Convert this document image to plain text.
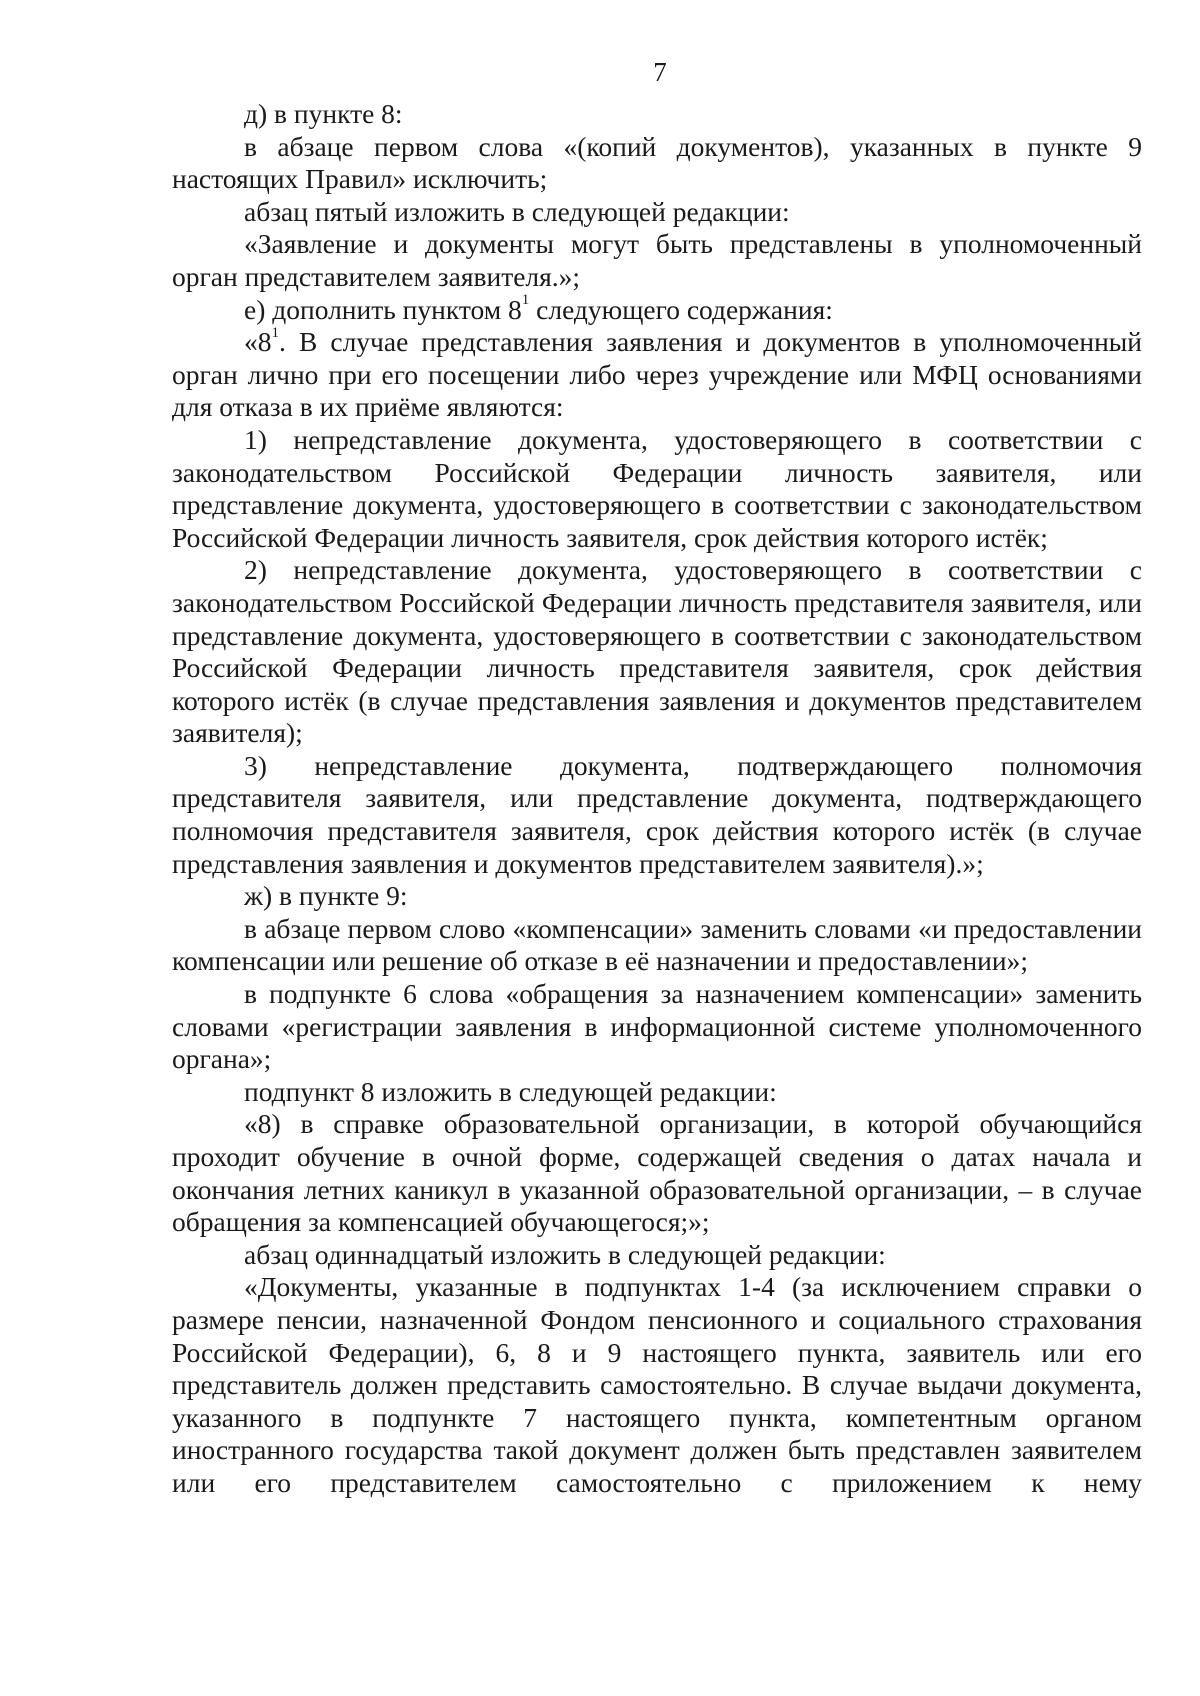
7

д) в пункте 8:

в абзаце первом слова «(копий документов), указанных в пункте 9 настоящих Правил» исключить;

абзац пятый изложить в следующей редакции:

«Заявление и документы могут быть представлены в уполномоченный орган представителем заявителя.»;

е) дополнить пунктом $8^1$ следующего содержания:

«$8^1$. В случае представления заявления и документов в уполномоченный орган лично при его посещении либо через учреждение или МФЦ основаниями для отказа в их приёме являются:

1) непредставление документа, удостоверяющего в соответствии с законодательством Российской Федерации личность заявителя, или представление документа, удостоверяющего в соответствии с законодательством Российской Федерации личность заявителя, срок действия которого истёк;

2) непредставление документа, удостоверяющего в соответствии с законодательством Российской Федерации личность представителя заявителя, или представление документа, удостоверяющего в соответствии с законодательством Российской Федерации личность представителя заявителя, срок действия которого истёк (в случае представления заявления и документов представителем заявителя);

3) непредставление документа, подтверждающего полномочия представителя заявителя, или представление документа, подтверждающего полномочия представителя заявителя, срок действия которого истёк (в случае представления заявления и документов представителем заявителя).»;

ж) в пункте 9:

в абзаце первом слово «компенсации» заменить словами «и предоставлении компенсации или решение об отказе в её назначении и предоставлении»;

в подпункте 6 слова «обращения за назначением компенсации» заменить словами «регистрации заявления в информационной системе уполномоченного органа»;

подпункт 8 изложить в следующей редакции:

«8) в справке образовательной организации, в которой обучающийся проходит обучение в очной форме, содержащей сведения о датах начала и окончания летних каникул в указанной образовательной организации, – в случае обращения за компенсацией обучающегося;»;

абзац одиннадцатый изложить в следующей редакции:

«Документы, указанные в подпунктах 1-4 (за исключением справки о размере пенсии, назначенной Фондом пенсионного и социального страхования Российской Федерации), 6, 8 и 9 настоящего пункта, заявитель или его представитель должен представить самостоятельно. В случае выдачи документа, указанного в подпункте 7 настоящего пункта, компетентным органом иностранного государства такой документ должен быть представлен заявителем или его представителем самостоятельно с приложением к нему
